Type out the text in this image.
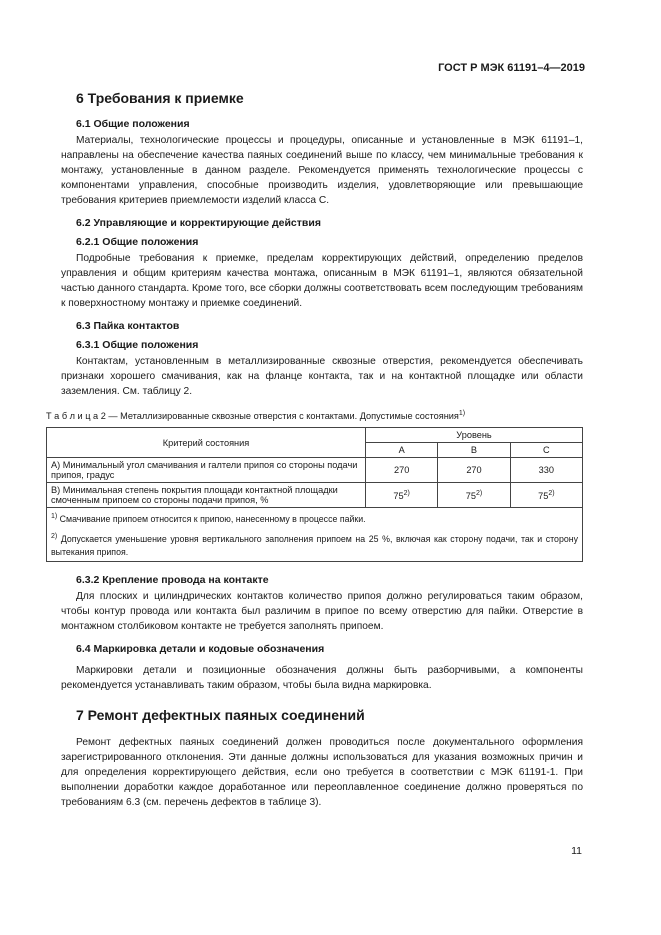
ГОСТ Р МЭК 61191–4—2019
6 Требования к приемке
6.1 Общие положения

Материалы, технологические процессы и процедуры, описанные и установленные в МЭК 61191–1, направлены на обеспечение качества паяных соединений выше по классу, чем минимальные требования к монтажу, установленные в данном разделе. Рекомендуется применять технологические процессы с компонентами управления, способные производить изделия, удовлетворяющие или превышающие требования критериев приемлемости изделий класса С.

6.2 Управляющие и корректирующие действия
6.2.1 Общие положения

Подробные требования к приемке, пределам корректирующих действий, определению пределов управления и общим критериям качества монтажа, описанным в МЭК 61191–1, являются обязательной частью данного стандарта. Кроме того, все сборки должны соответствовать всем последующим требованиям к поверхностному монтажу и приемке соединений.

6.3 Пайка контактов
6.3.1 Общие положения

Контактам, установленным в металлизированные сквозные отверстия, рекомендуется обеспечивать признаки хорошего смачивания, как на фланце контакта, так и на контактной площадке или области заземления. См. таблицу 2.

Т а б л и ц а 2 — Металлизированные сквозные отверстия с контактами. Допустимые состояния$^{1)}$
Критерий состояния	Уровень		
	А	В	С
А) Минимальный угол смачивания и галтели припоя со стороны подачи припоя, градус	270	270	330
В) Минимальная степень покрытия площади контактной площадки смоченным припоем со стороны подачи припоя, %	75$^{2)}$	75$^{2)}$	75$^{2)}$
$^{1)}$ Смачивание припоем относится к припою, нанесенному в процессе пайки.			
$^{2)}$ Допускается уменьшение уровня вертикального заполнения припоем на 25 %, включая как сторону подачи, так и сторону вытекания припоя.			
6.3.2 Крепление провода на контакте

Для плоских и цилиндрических контактов количество припоя должно регулироваться таким образом, чтобы контур провода или контакта был различим в припое по всему отверстию для пайки. Отверстие в монтажном столбиковом контакте не требуется заполнять припоем.

6.4 Маркировка детали и кодовые обозначения

Маркировки детали и позиционные обозначения должны быть разборчивыми, а компоненты рекомендуется устанавливать таким образом, чтобы была видна маркировка.

7 Ремонт дефектных паяных соединений

Ремонт дефектных паяных соединений должен проводиться после документального оформления зарегистрированного отклонения. Эти данные должны использоваться для указания возможных причин и для определения корректирующего действия, если оно требуется в соответствии с МЭК 61191-1. При выполнении доработки каждое доработанное или переоплавленное соединение должно проверяться по требованиям 6.3 (см. перечень дефектов в таблице 3).

11
